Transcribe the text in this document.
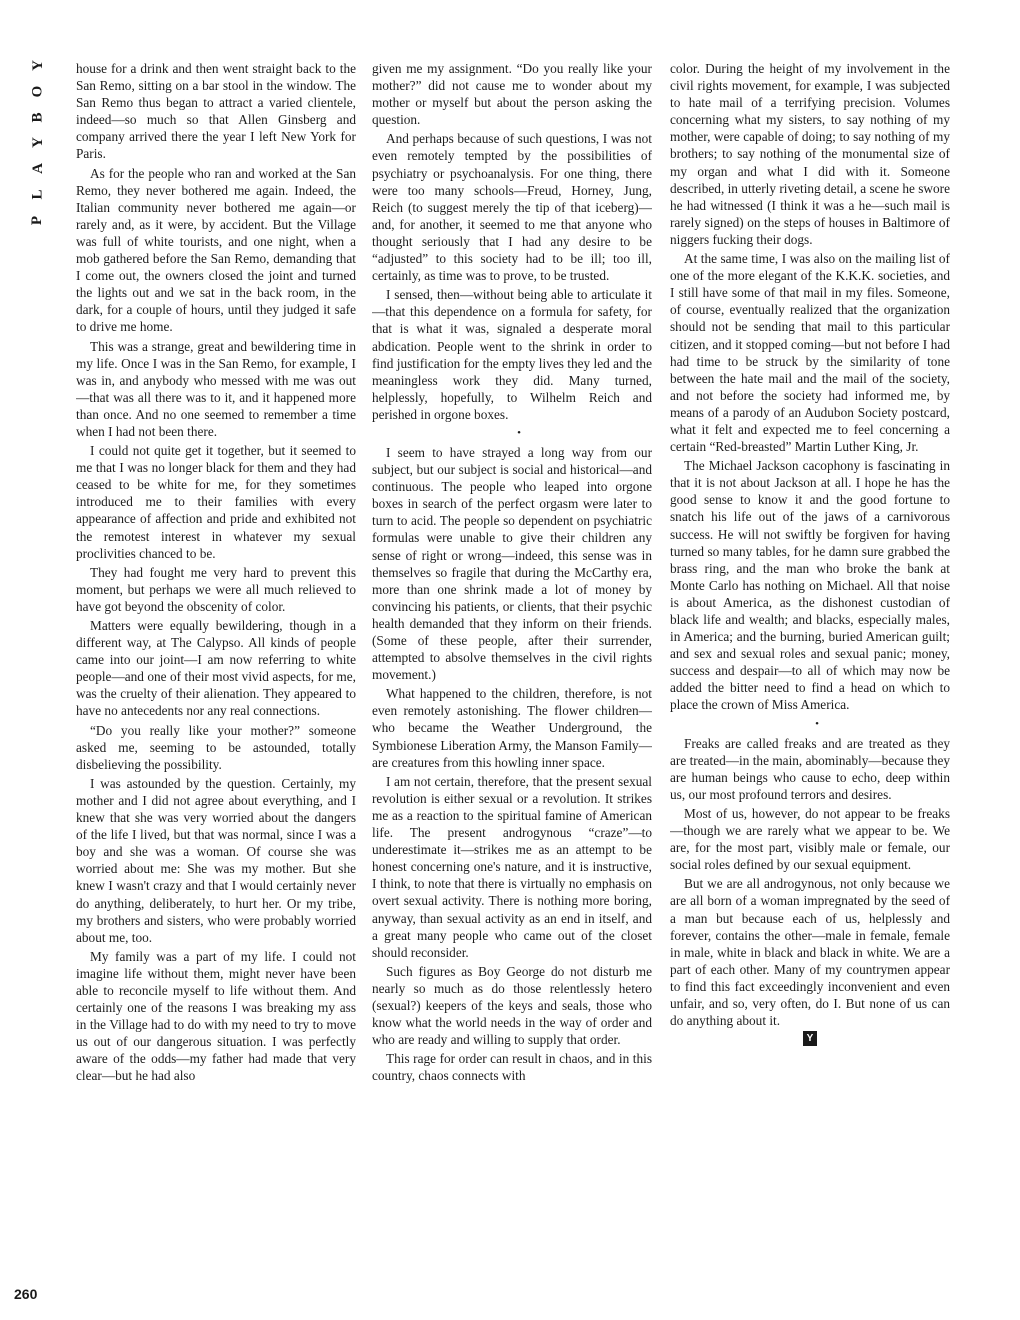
Y
O
B
Y
A
L
P
260

house for a drink and then went straight back to the San Remo, sitting on a bar stool in the window. The San Remo thus began to attract a varied clientele, indeed—so much so that Allen Ginsberg and company arrived there the year I left New York for Paris.

As for the people who ran and worked at the San Remo, they never bothered me again. Indeed, the Italian community never bothered me again—or rarely and, as it were, by accident. But the Village was full of white tourists, and one night, when a mob gathered before the San Remo, demanding that I come out, the owners closed the joint and turned the lights out and we sat in the back room, in the dark, for a couple of hours, until they judged it safe to drive me home.

This was a strange, great and bewildering time in my life. Once I was in the San Remo, for example, I was in, and anybody who messed with me was out—that was all there was to it, and it happened more than once. And no one seemed to remember a time when I had not been there.

I could not quite get it together, but it seemed to me that I was no longer black for them and they had ceased to be white for me, for they sometimes introduced me to their families with every appearance of affection and pride and exhibited not the remotest interest in whatever my sexual proclivities chanced to be.

They had fought me very hard to prevent this moment, but perhaps we were all much relieved to have got beyond the obscenity of color.

Matters were equally bewildering, though in a different way, at The Calypso. All kinds of people came into our joint—I am now referring to white people—and one of their most vivid aspects, for me, was the cruelty of their alienation. They appeared to have no antecedents nor any real connections.

“Do you really like your mother?” someone asked me, seeming to be astounded, totally disbelieving the possibility.

I was astounded by the question. Certainly, my mother and I did not agree about everything, and I knew that she was very worried about the dangers of the life I lived, but that was normal, since I was a boy and she was a woman. Of course she was worried about me: She was my mother. But she knew I wasn't crazy and that I would certainly never do anything, deliberately, to hurt her. Or my tribe, my brothers and sisters, who were probably worried about me, too.

My family was a part of my life. I could not imagine life without them, might never have been able to reconcile myself to life without them. And certainly one of the reasons I was breaking my ass in the Village had to do with my need to try to move us out of our dangerous situation. I was perfectly aware of the odds—my father had made that very clear—but he had also

given me my assignment. “Do you really like your mother?” did not cause me to wonder about my mother or myself but about the person asking the question.

And perhaps because of such questions, I was not even remotely tempted by the possibilities of psychiatry or psychoanalysis. For one thing, there were too many schools—Freud, Horney, Jung, Reich (to suggest merely the tip of that iceberg)—and, for another, it seemed to me that anyone who thought seriously that I had any desire to be “adjusted” to this society had to be ill; too ill, certainly, as time was to prove, to be trusted.

I sensed, then—without being able to articulate it—that this dependence on a formula for safety, for that is what it was, signaled a desperate moral abdication. People went to the shrink in order to find justification for the empty lives they led and the meaningless work they did. Many turned, helplessly, hopefully, to Wilhelm Reich and perished in orgone boxes.

•

I seem to have strayed a long way from our subject, but our subject is social and historical—and continuous. The people who leaped into orgone boxes in search of the perfect orgasm were later to turn to acid. The people so dependent on psychiatric formulas were unable to give their children any sense of right or wrong—indeed, this sense was in themselves so fragile that during the McCarthy era, more than one shrink made a lot of money by convincing his patients, or clients, that their psychic health demanded that they inform on their friends. (Some of these people, after their surrender, attempted to absolve themselves in the civil rights movement.)

What happened to the children, therefore, is not even remotely astonishing. The flower children—who became the Weather Underground, the Symbionese Liberation Army, the Manson Family—are creatures from this howling inner space.

I am not certain, therefore, that the present sexual revolution is either sexual or a revolution. It strikes me as a reaction to the spiritual famine of American life. The present androgynous “craze”—to underestimate it—strikes me as an attempt to be honest concerning one's nature, and it is instructive, I think, to note that there is virtually no emphasis on overt sexual activity. There is nothing more boring, anyway, than sexual activity as an end in itself, and a great many people who came out of the closet should reconsider.

Such figures as Boy George do not disturb me nearly so much as do those relentlessly hetero (sexual?) keepers of the keys and seals, those who know what the world needs in the way of order and who are ready and willing to supply that order.

This rage for order can result in chaos, and in this country, chaos connects with

color. During the height of my involvement in the civil rights movement, for example, I was subjected to hate mail of a terrifying precision. Volumes concerning what my sisters, to say nothing of my mother, were capable of doing; to say nothing of my brothers; to say nothing of the monumental size of my organ and what I did with it. Someone described, in utterly riveting detail, a scene he swore he had witnessed (I think it was a he—such mail is rarely signed) on the steps of houses in Baltimore of niggers fucking their dogs.

At the same time, I was also on the mailing list of one of the more elegant of the K.K.K. societies, and I still have some of that mail in my files. Someone, of course, eventually realized that the organization should not be sending that mail to this particular citizen, and it stopped coming—but not before I had had time to be struck by the similarity of tone between the hate mail and the mail of the society, and not before the society had informed me, by means of a parody of an Audubon Society postcard, what it felt and expected me to feel concerning a certain “Red-breasted” Martin Luther King, Jr.

The Michael Jackson cacophony is fascinating in that it is not about Jackson at all. I hope he has the good sense to know it and the good fortune to snatch his life out of the jaws of a carnivorous success. He will not swiftly be forgiven for having turned so many tables, for he damn sure grabbed the brass ring, and the man who broke the bank at Monte Carlo has nothing on Michael. All that noise is about America, as the dishonest custodian of black life and wealth; and blacks, especially males, in America; and the burning, buried American guilt; and sex and sexual roles and sexual panic; money, success and despair—to all of which may now be added the bitter need to find a head on which to place the crown of Miss America.

•

Freaks are called freaks and are treated as they are treated—in the main, abominably—because they are human beings who cause to echo, deep within us, our most profound terrors and desires.

Most of us, however, do not appear to be freaks—though we are rarely what we appear to be. We are, for the most part, visibly male or female, our social roles defined by our sexual equipment.

But we are all androgynous, not only because we are all born of a woman impregnated by the seed of a man but because each of us, helplessly and forever, contains the other—male in female, female in male, white in black and black in white. We are a part of each other. Many of my countrymen appear to find this fact exceedingly inconvenient and even unfair, and so, very often, do I. But none of us can do anything about it.

Y
